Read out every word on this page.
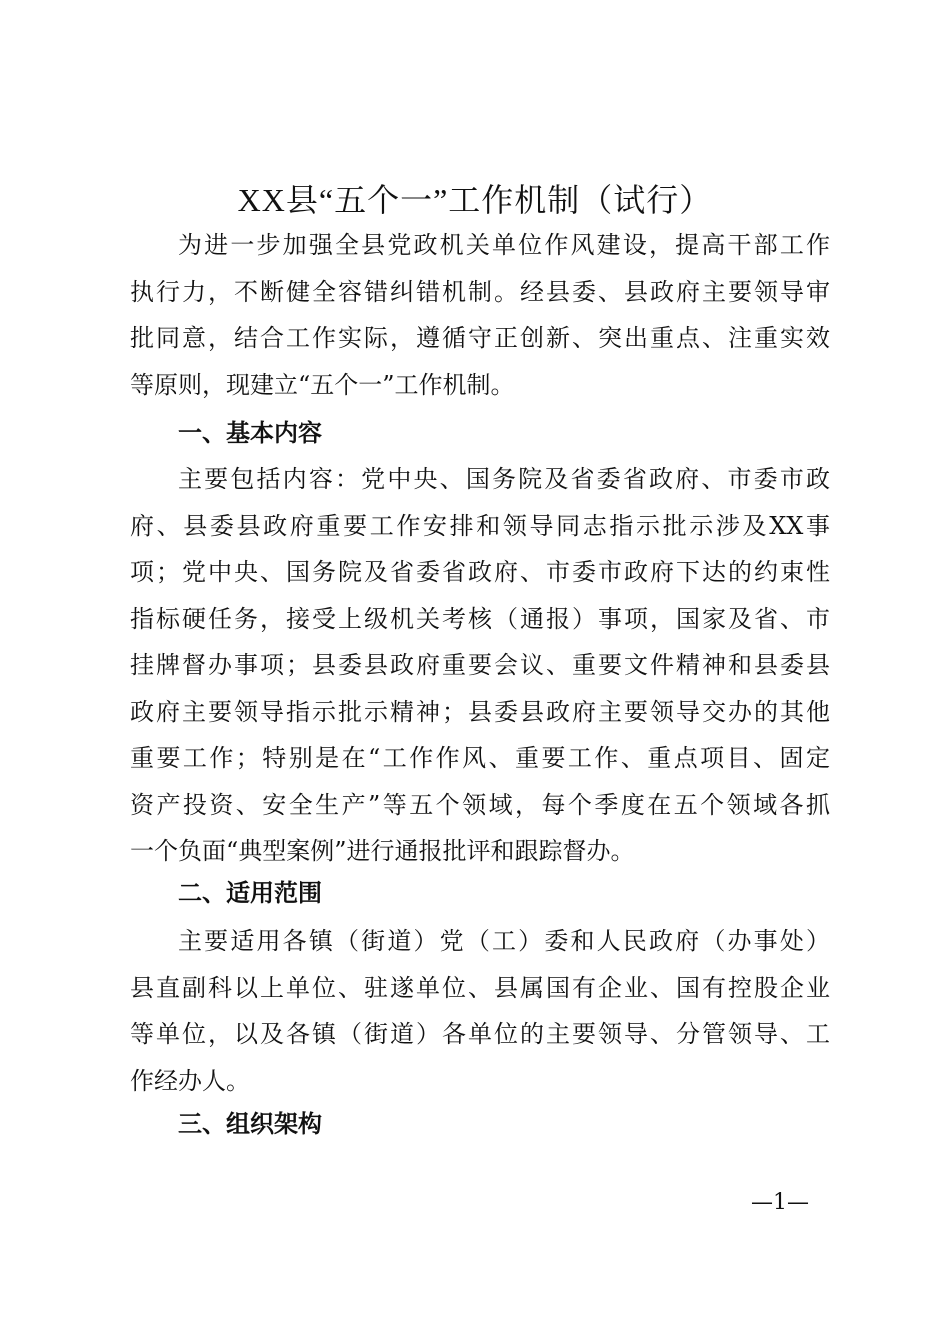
XX县“五个一”工作机制（试行）
为进一步加强全县党政机关单位作风建设，提高干部工作
执行力，不断健全容错纠错机制。经县委、县政府主要领导审
批同意，结合工作实际，遵循守正创新、突出重点、注重实效
等原则，现建立“五个一”工作机制。
一、基本内容
主要包括内容：党中央、国务院及省委省政府、市委市政
府、县委县政府重要工作安排和领导同志指示批示涉及XX事
项；党中央、国务院及省委省政府、市委市政府下达的约束性
指标硬任务，接受上级机关考核（通报）事项，国家及省、市
挂牌督办事项；县委县政府重要会议、重要文件精神和县委县
政府主要领导指示批示精神；县委县政府主要领导交办的其他
重要工作；特别是在“工作作风、重要工作、重点项目、固定
资产投资、安全生产”等五个领域，每个季度在五个领域各抓
一个负面“典型案例”进行通报批评和跟踪督办。
二、适用范围
主要适用各镇（街道）党（工）委和人民政府（办事处）
县直副科以上单位、驻遂单位、县属国有企业、国有控股企业
等单位，以及各镇（街道）各单位的主要领导、分管领导、工
作经办人。
三、组织架构
—1—
